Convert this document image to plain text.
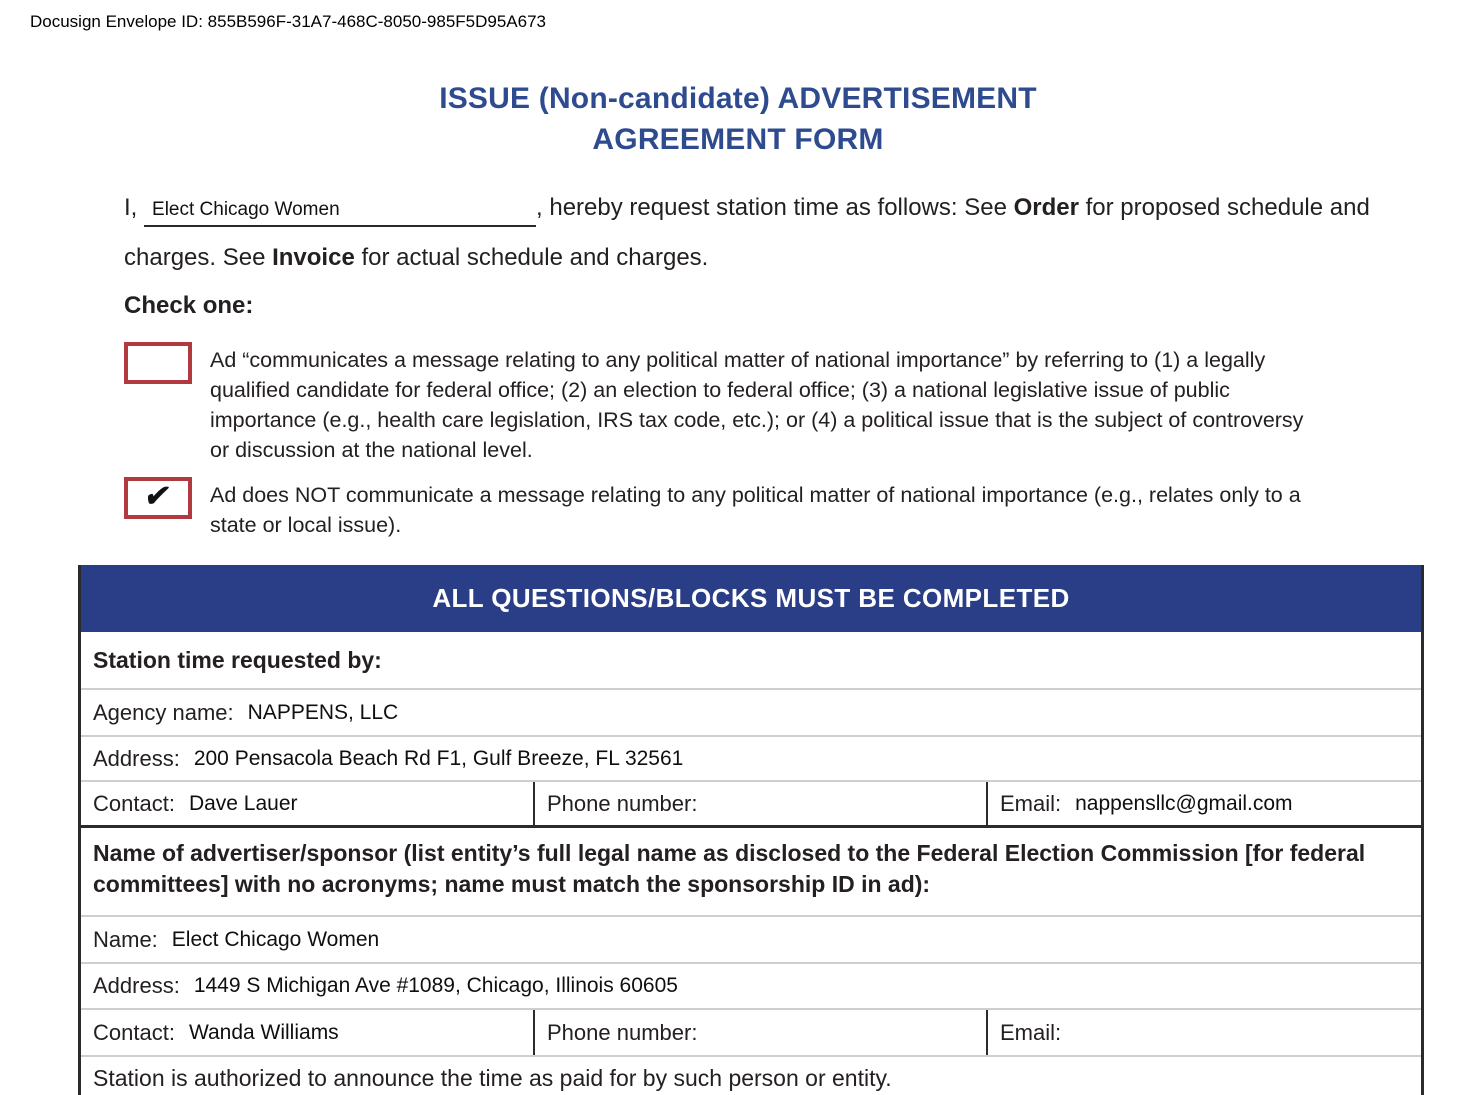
Docusign Envelope ID: 855B596F-31A7-468C-8050-985F5D95A673
ISSUE (Non-candidate) ADVERTISEMENT
AGREEMENT FORM
I, Elect Chicago Women	, hereby request station time as follows: See Order for proposed schedule and charges. See Invoice for actual schedule and charges.
Check one:
Ad “communicates a message relating to any political matter of national importance” by referring to (1) a legally qualified candidate for federal office; (2) an election to federal office; (3) a national legislative issue of public importance (e.g., health care legislation, IRS tax code, etc.); or (4) a political issue that is the subject of controversy or discussion at the national level.
✔ Ad does NOT communicate a message relating to any political matter of national importance (e.g., relates only to a state or local issue).
ALL QUESTIONS/BLOCKS MUST BE COMPLETED
Station time requested by:
Agency name: NAPPENS, LLC
Address: 200 Pensacola Beach Rd F1, Gulf Breeze, FL 32561
Contact: Dave Lauer	Phone number:	Email: nappensllc@gmail.com
Name of advertiser/sponsor (list entity’s full legal name as disclosed to the Federal Election Commission [for federal committees] with no acronyms; name must match the sponsorship ID in ad):
Name: Elect Chicago Women
Address: 1449 S Michigan Ave #1089, Chicago, Illinois 60605
Contact: Wanda Williams	Phone number:	Email:
Station is authorized to announce the time as paid for by such person or entity.
